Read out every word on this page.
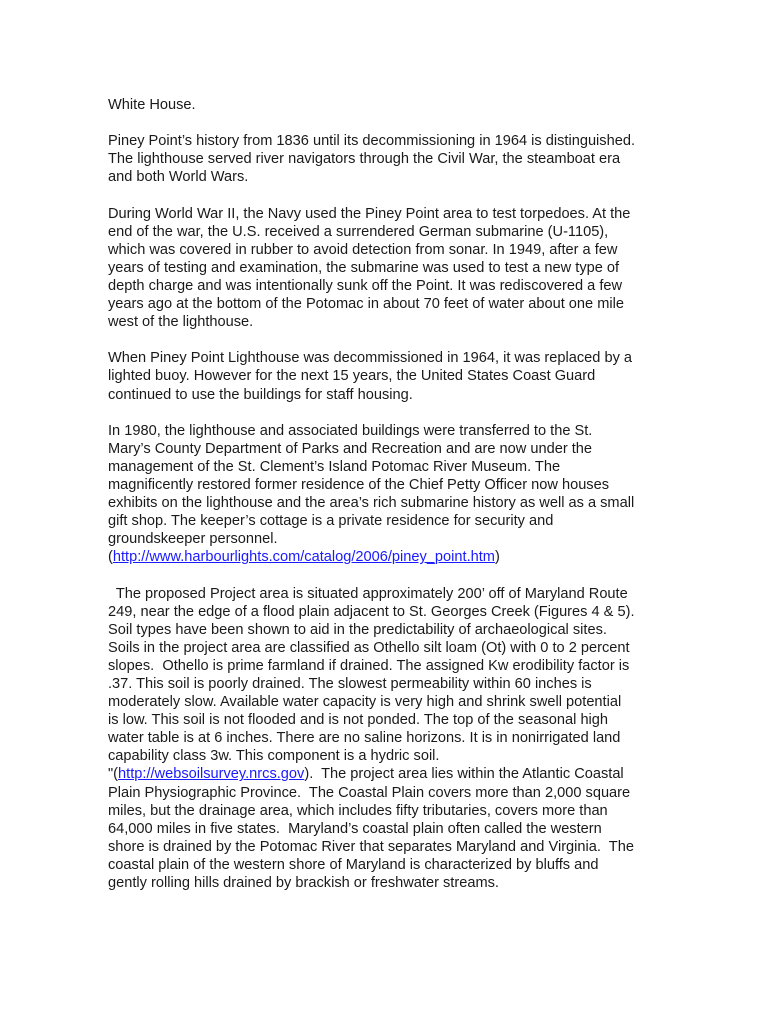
White House.

Piney Point’s history from 1836 until its decommissioning in 1964 is distinguished.
The lighthouse served river navigators through the Civil War, the steamboat era
and both World Wars.

During World War II, the Navy used the Piney Point area to test torpedoes. At the
end of the war, the U.S. received a surrendered German submarine (U-1105),
which was covered in rubber to avoid detection from sonar. In 1949, after a few
years of testing and examination, the submarine was used to test a new type of
depth charge and was intentionally sunk off the Point. It was rediscovered a few
years ago at the bottom of the Potomac in about 70 feet of water about one mile
west of the lighthouse.

When Piney Point Lighthouse was decommissioned in 1964, it was replaced by a
lighted buoy. However for the next 15 years, the United States Coast Guard
continued to use the buildings for staff housing.

In 1980, the lighthouse and associated buildings were transferred to the St.
Mary’s County Department of Parks and Recreation and are now under the
management of the St. Clement’s Island Potomac River Museum. The
magnificently restored former residence of the Chief Petty Officer now houses
exhibits on the lighthouse and the area’s rich submarine history as well as a small
gift shop. The keeper’s cottage is a private residence for security and
groundskeeper personnel.
(http://www.harbourlights.com/catalog/2006/piney_point.htm)

The proposed Project area is situated approximately 200’ off of Maryland Route
249, near the edge of a flood plain adjacent to St. Georges Creek (Figures 4 & 5).
Soil types have been shown to aid in the predictability of archaeological sites.
Soils in the project area are classified as Othello silt loam (Ot) with 0 to 2 percent
slopes.  Othello is prime farmland if drained. The assigned Kw erodibility factor is
.37. This soil is poorly drained. The slowest permeability within 60 inches is
moderately slow. Available water capacity is very high and shrink swell potential
is low. This soil is not flooded and is not ponded. The top of the seasonal high
water table is at 6 inches. There are no saline horizons. It is in nonirrigated land
capability class 3w. This component is a hydric soil.
"(http://websoilsurvey.nrcs.gov).  The project area lies within the Atlantic Coastal
Plain Physiographic Province.  The Coastal Plain covers more than 2,000 square
miles, but the drainage area, which includes fifty tributaries, covers more than
64,000 miles in five states.  Maryland’s coastal plain often called the western
shore is drained by the Potomac River that separates Maryland and Virginia.  The
coastal plain of the western shore of Maryland is characterized by bluffs and
gently rolling hills drained by brackish or freshwater streams.
